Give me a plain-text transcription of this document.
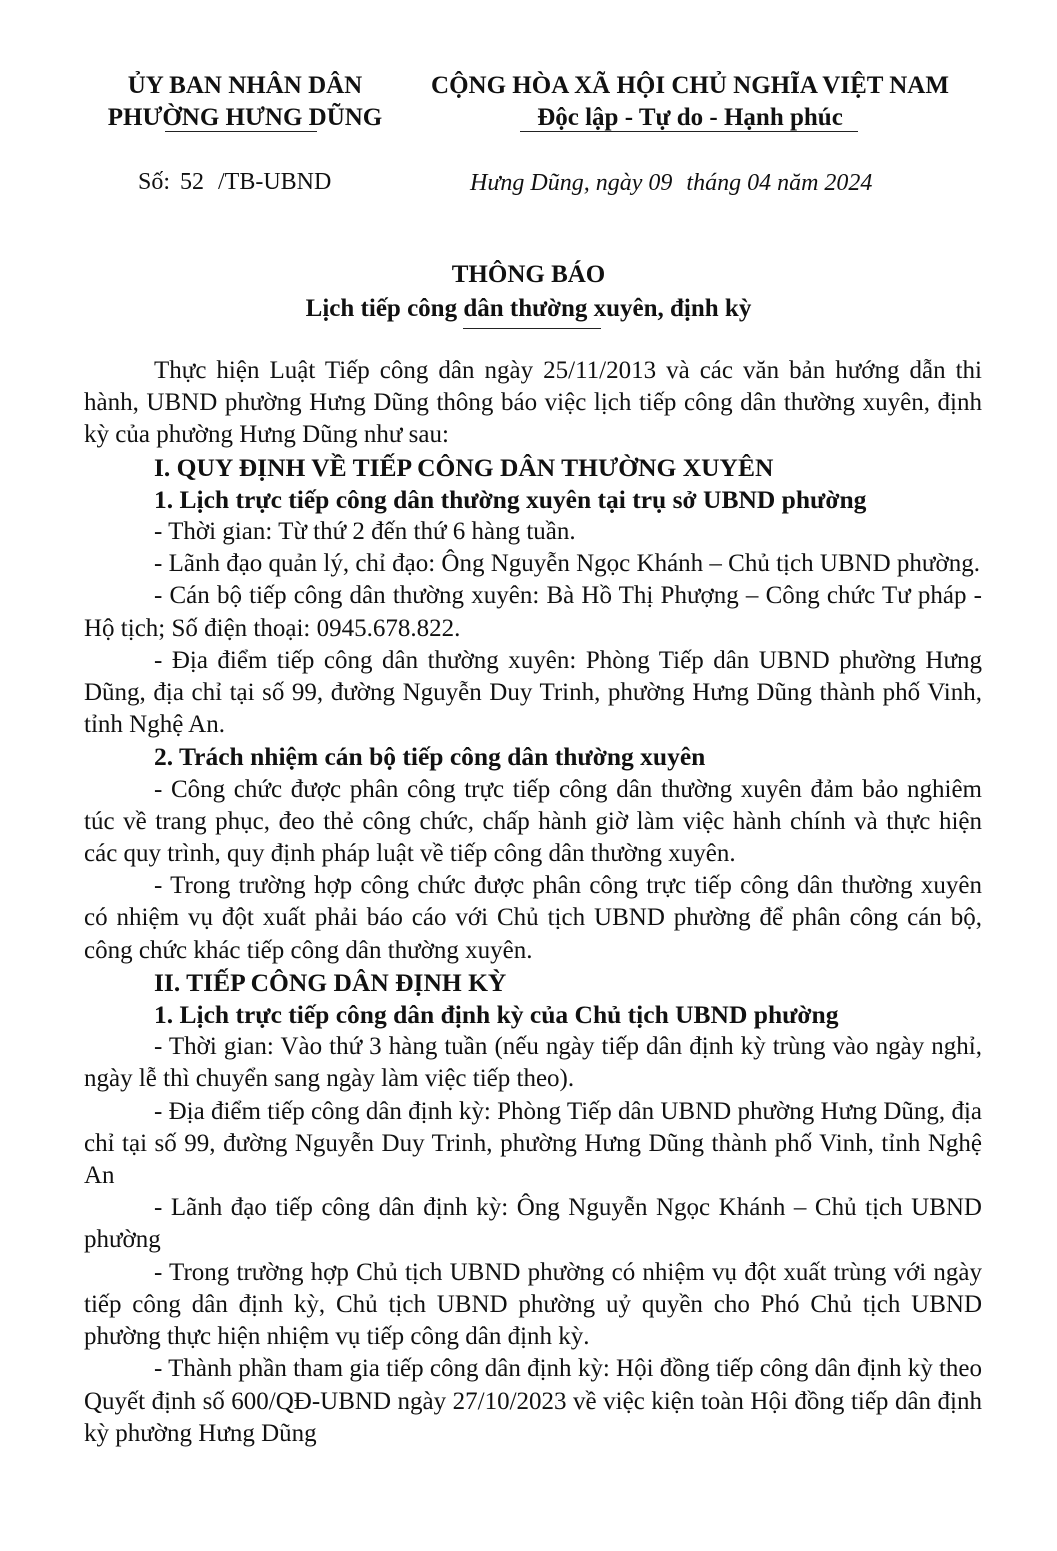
ỦY BAN NHÂN DÂN
PHƯỜNG HƯNG DŨNG
CỘNG HÒA XÃ HỘI CHỦ NGHĨA VIỆT NAM
Độc lập - Tự do - Hạnh phúc
Số: 52 /TB-UBND	Hưng Dũng, ngày 09 tháng 04 năm 2024
THÔNG BÁO
Lịch tiếp công dân thường xuyên, định kỳ

Thực hiện Luật Tiếp công dân ngày 25/11/2013 và các văn bản hướng dẫn thi hành, UBND phường Hưng Dũng thông báo việc lịch tiếp công dân thường xuyên, định kỳ của phường Hưng Dũng như sau:

I. QUY ĐỊNH VỀ TIẾP CÔNG DÂN THƯỜNG XUYÊN

1. Lịch trực tiếp công dân thường xuyên tại trụ sở UBND phường

- Thời gian: Từ thứ 2 đến thứ 6 hàng tuần.

- Lãnh đạo quản lý, chỉ đạo: Ông Nguyễn Ngọc Khánh – Chủ tịch UBND phường.

- Cán bộ tiếp công dân thường xuyên: Bà Hồ Thị Phượng – Công chức Tư pháp - Hộ tịch; Số điện thoại: 0945.678.822.

- Địa điểm tiếp công dân thường xuyên: Phòng Tiếp dân UBND phường Hưng Dũng, địa chỉ tại số 99, đường Nguyễn Duy Trinh, phường Hưng Dũng thành phố Vinh, tỉnh Nghệ An.

2. Trách nhiệm cán bộ tiếp công dân thường xuyên

- Công chức được phân công trực tiếp công dân thường xuyên đảm bảo nghiêm túc về trang phục, đeo thẻ công chức, chấp hành giờ làm việc hành chính và thực hiện các quy trình, quy định pháp luật về tiếp công dân thường xuyên.

- Trong trường hợp công chức được phân công trực tiếp công dân thường xuyên có nhiệm vụ đột xuất phải báo cáo với Chủ tịch UBND phường để phân công cán bộ, công chức khác tiếp công dân thường xuyên.

II. TIẾP CÔNG DÂN ĐỊNH KỲ

1. Lịch trực tiếp công dân định kỳ của Chủ tịch UBND phường

- Thời gian: Vào thứ 3 hàng tuần (nếu ngày tiếp dân định kỳ trùng vào ngày nghỉ, ngày lễ thì chuyển sang ngày làm việc tiếp theo).

- Địa điểm tiếp công dân định kỳ: Phòng Tiếp dân UBND phường Hưng Dũng, địa chỉ tại số 99, đường Nguyễn Duy Trinh, phường Hưng Dũng thành phố Vinh, tỉnh Nghệ An

- Lãnh đạo tiếp công dân định kỳ: Ông Nguyễn Ngọc Khánh – Chủ tịch UBND phường

- Trong trường hợp Chủ tịch UBND phường có nhiệm vụ đột xuất trùng với ngày tiếp công dân định kỳ, Chủ tịch UBND phường uỷ quyền cho Phó Chủ tịch UBND phường thực hiện nhiệm vụ tiếp công dân định kỳ.

- Thành phần tham gia tiếp công dân định kỳ: Hội đồng tiếp công dân định kỳ theo Quyết định số 600/QĐ-UBND ngày 27/10/2023 về việc kiện toàn Hội đồng tiếp dân định kỳ phường Hưng Dũng
